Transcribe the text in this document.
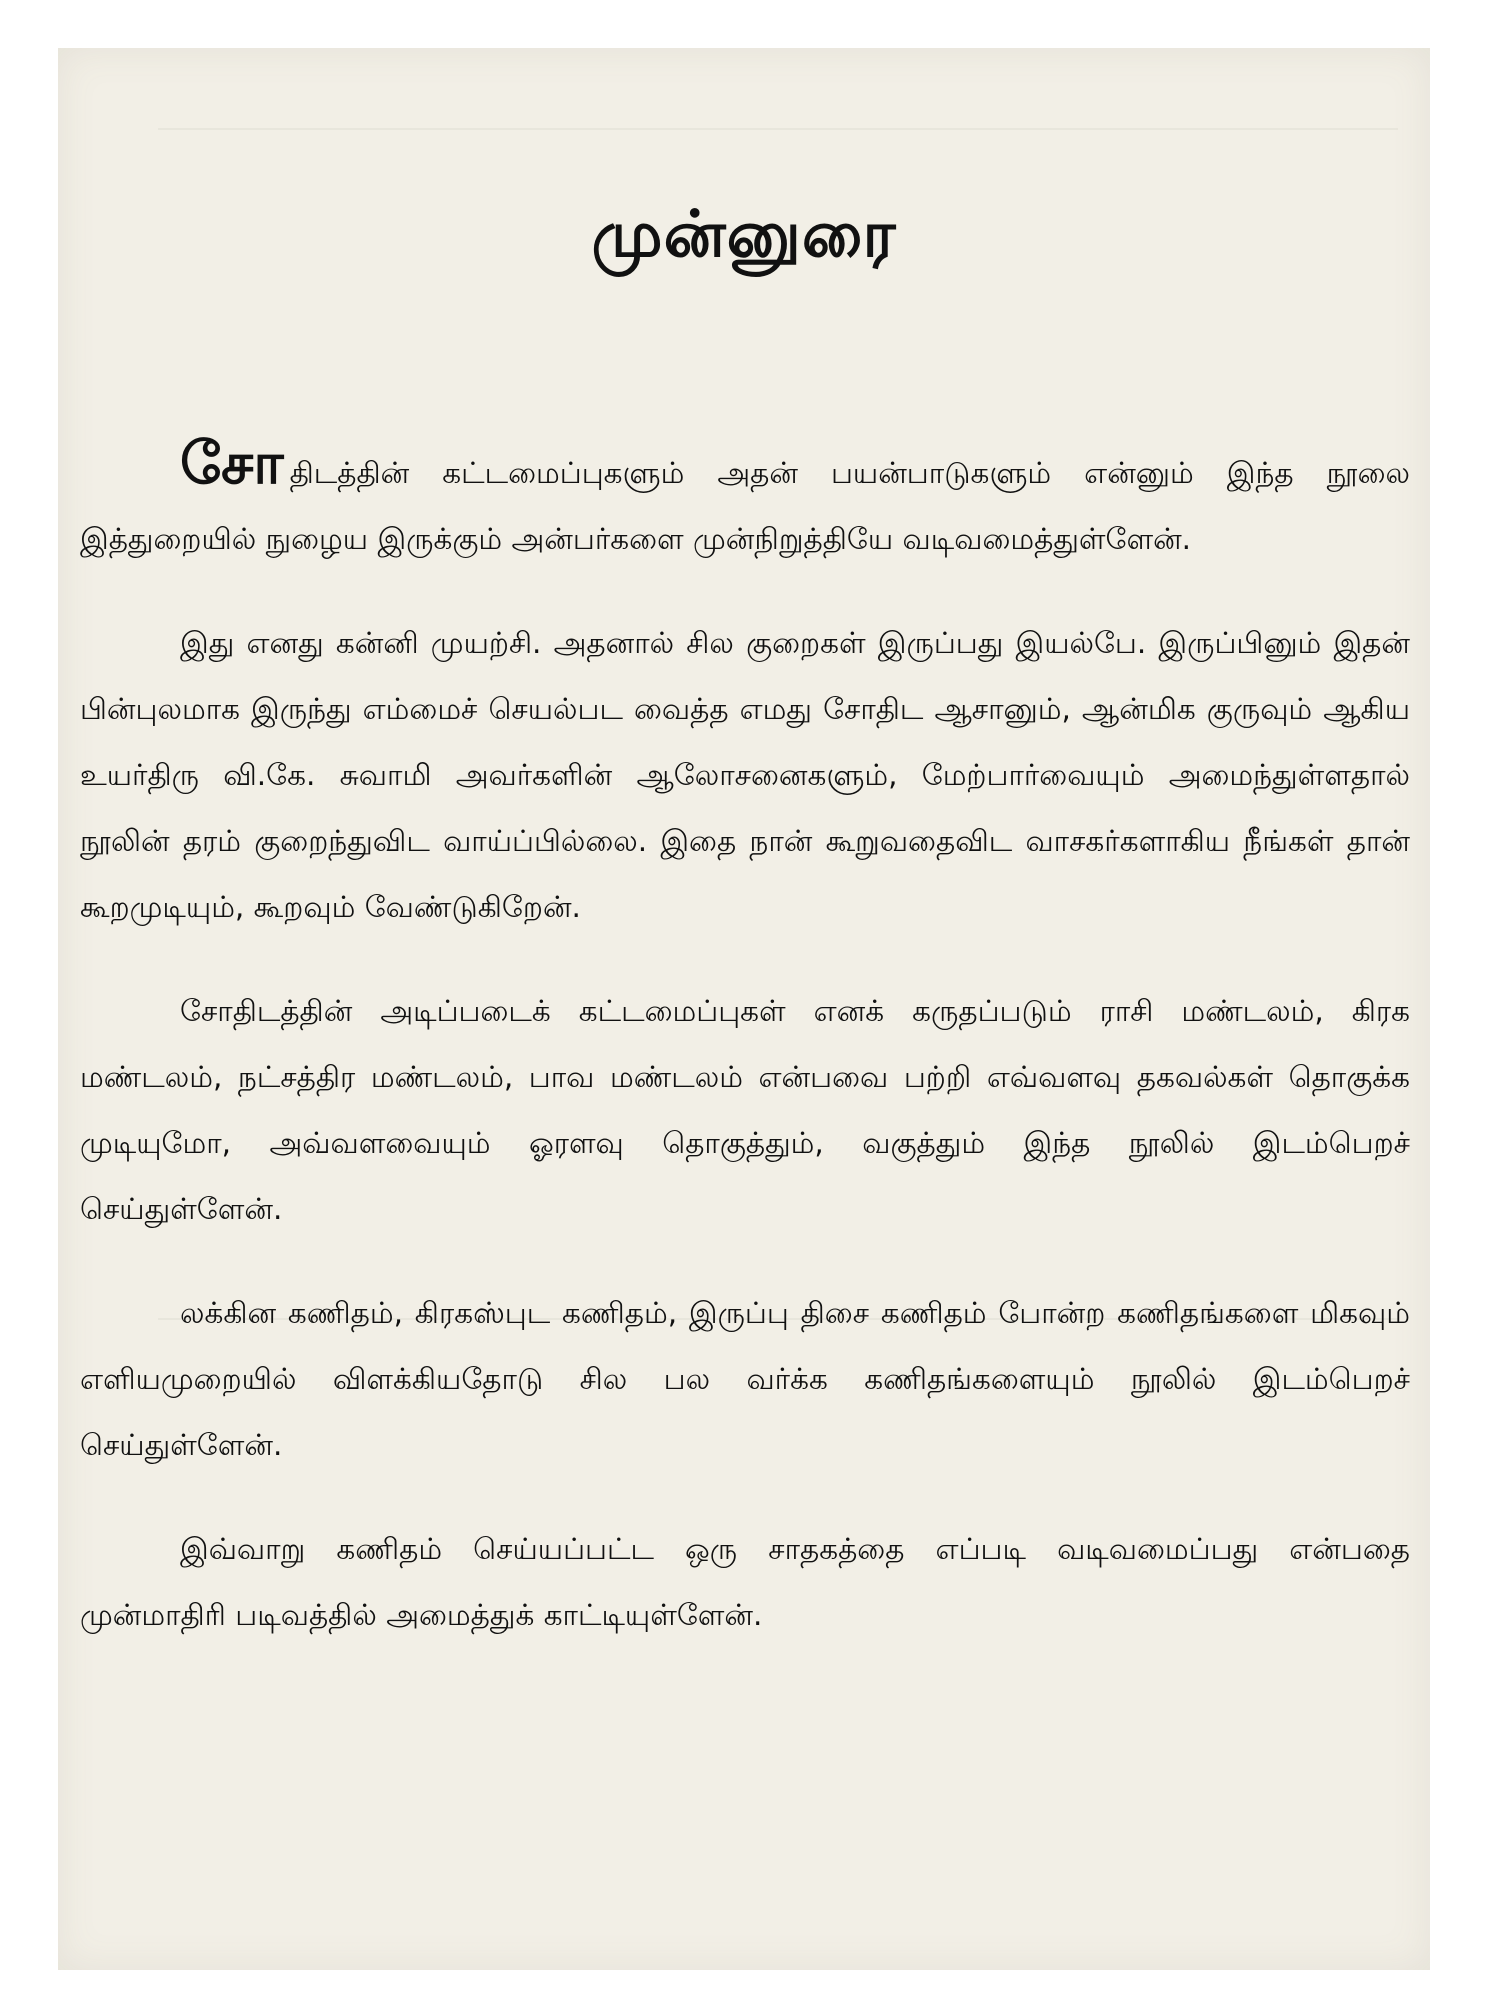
முன்னுரை

சோதிடத்தின் கட்டமைப்புகளும் அதன் பயன்பாடுகளும் என்னும் இந்த நூலை இத்துறையில் நுழைய இருக்கும் அன்பர்களை முன்நிறுத்தியே வடிவமைத்துள்ளேன்.

இது எனது கன்னி முயற்சி. அதனால் சில குறைகள் இருப்பது இயல்பே. இருப்பினும் இதன் பின்புலமாக இருந்து எம்மைச் செயல்பட வைத்த எமது சோதிட ஆசானும், ஆன்மிக குருவும் ஆகிய உயர்திரு வி.கே. சுவாமி அவர்களின் ஆலோசனைகளும், மேற்பார்வையும் அமைந்துள்ளதால் நூலின் தரம் குறைந்துவிட வாய்ப்பில்லை. இதை நான் கூறுவதைவிட வாசகர்களாகிய நீங்கள் தான் கூறமுடியும், கூறவும் வேண்டுகிறேன்.

சோதிடத்தின் அடிப்படைக் கட்டமைப்புகள் எனக் கருதப்படும் ராசி மண்டலம், கிரக மண்டலம், நட்சத்திர மண்டலம், பாவ மண்டலம் என்பவை பற்றி எவ்வளவு தகவல்கள் தொகுக்க முடியுமோ, அவ்வளவையும் ஓரளவு தொகுத்தும், வகுத்தும் இந்த நூலில் இடம்பெறச் செய்துள்ளேன்.

லக்கின கணிதம், கிரகஸ்புட கணிதம், இருப்பு திசை கணிதம் போன்ற கணிதங்களை மிகவும் எளியமுறையில் விளக்கியதோடு சில பல வர்க்க கணிதங்களையும் நூலில் இடம்பெறச் செய்துள்ளேன்.

இவ்வாறு கணிதம் செய்யப்பட்ட ஒரு சாதகத்தை எப்படி வடிவமைப்பது என்பதை முன்மாதிரி படிவத்தில் அமைத்துக் காட்டியுள்ளேன்.
